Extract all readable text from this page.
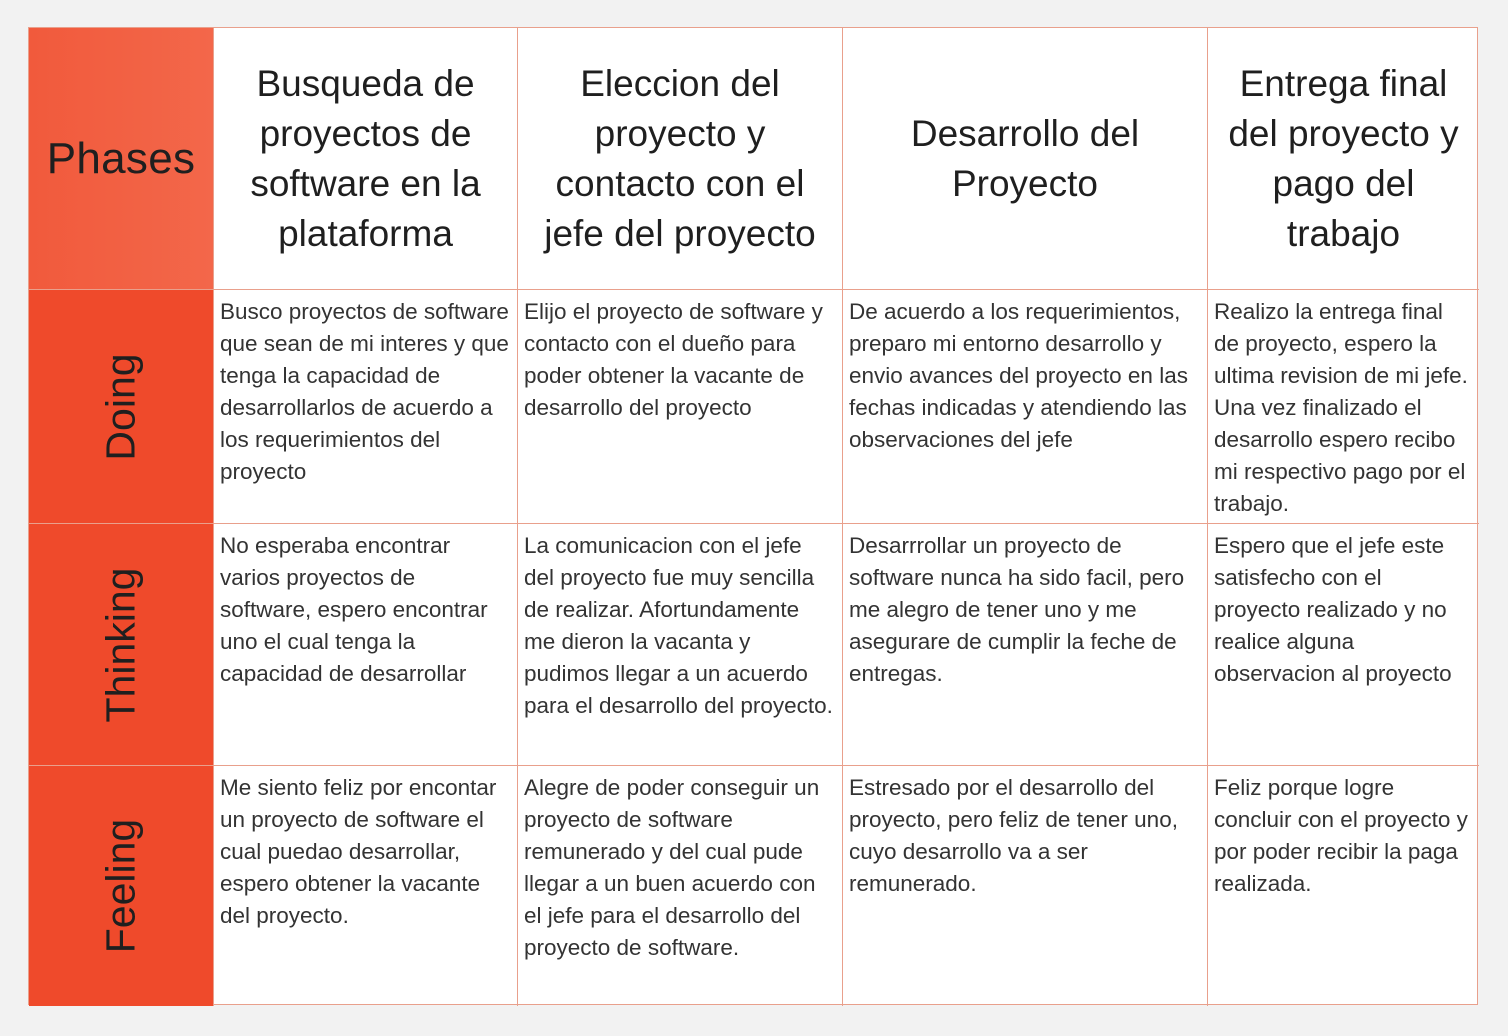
Phases
Busqueda de proyectos de software en la plataforma
Eleccion del proyecto y contacto con el jefe del proyecto
Desarrollo del Proyecto
Entrega final del proyecto y pago del trabajo
Doing
Busco proyectos de software que sean de mi interes y que tenga la capacidad de desarrollarlos de acuerdo a los requerimientos del proyecto
Elijo el proyecto de software y contacto con el dueño para poder obtener la vacante de desarrollo del proyecto
De acuerdo a los requerimientos, preparo mi entorno desarrollo y envio avances del proyecto en las fechas indicadas y atendiendo las observaciones del jefe
Realizo la entrega final de proyecto, espero la ultima revision de mi jefe. Una vez finalizado el desarrollo espero recibo mi respectivo pago por el trabajo.
Thinking
No esperaba encontrar varios proyectos de software, espero encontrar uno el cual tenga la capacidad de desarrollar
La comunicacion con el jefe del proyecto fue muy sencilla de realizar. Afortundamente me dieron la vacanta y pudimos llegar a un acuerdo para el desarrollo del proyecto.
Desarrrollar un proyecto de software nunca ha sido facil, pero me alegro de tener uno y me asegurare de cumplir la feche de entregas.
Espero que el jefe este satisfecho con el proyecto realizado y no realice alguna observacion al proyecto
Feeling
Me siento feliz por encontar un proyecto de software el cual puedao desarrollar, espero obtener la vacante del proyecto.
Alegre de poder conseguir un proyecto de software remunerado y del cual pude llegar a un buen acuerdo con el jefe para el desarrollo del proyecto de software.
Estresado por el desarrollo del proyecto, pero feliz de tener uno, cuyo desarrollo va a ser remunerado.
Feliz porque logre concluir con el proyecto y por poder recibir la paga realizada.
